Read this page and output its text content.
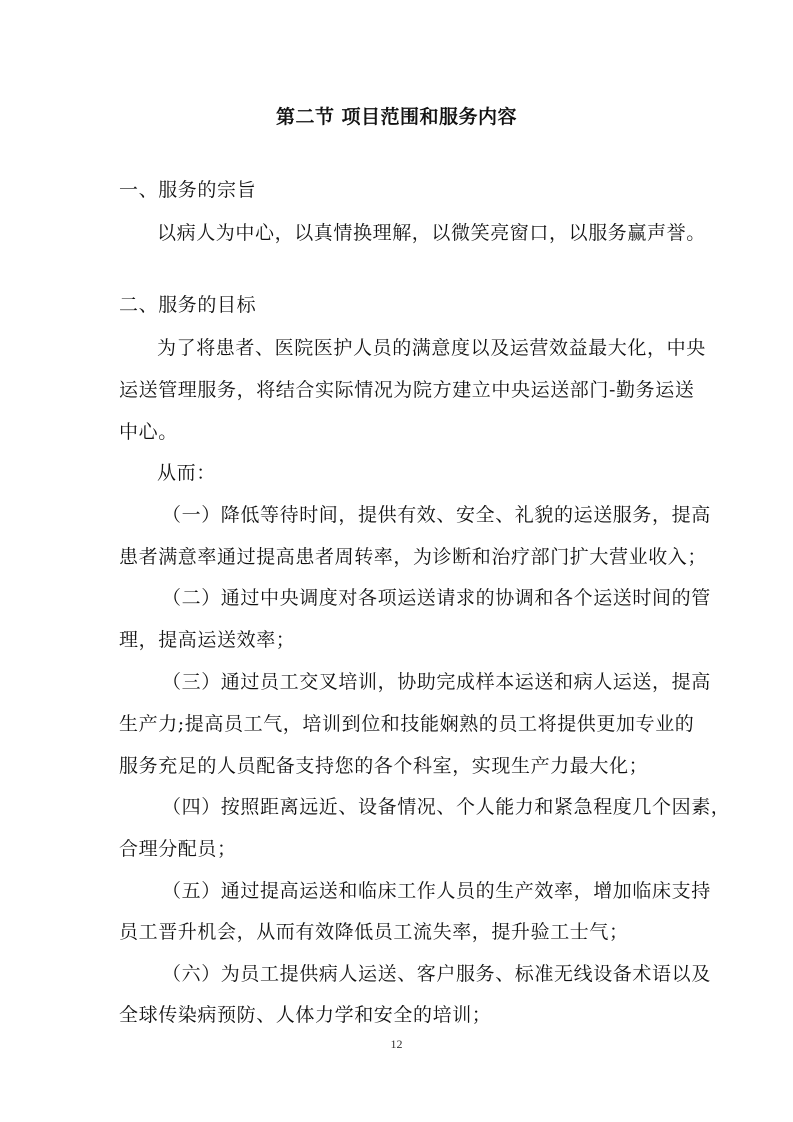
第二节 项目范围和服务内容
一、服务的宗旨
以病人为中心，以真情换理解，以微笑亮窗口，以服务赢声誉。
二、服务的目标
为了将患者、医院医护人员的满意度以及运营效益最大化，中央
运送管理服务，将结合实际情况为院方建立中央运送部门-勤务运送
中心。
从而：
（一）降低等待时间，提供有效、安全、礼貌的运送服务，提高
患者满意率通过提高患者周转率，为诊断和治疗部门扩大营业收入；
（二）通过中央调度对各项运送请求的协调和各个运送时间的管
理，提高运送效率；
（三）通过员工交叉培训，协助完成样本运送和病人运送，提高
生产力;提高员工气，培训到位和技能娴熟的员工将提供更加专业的
服务充足的人员配备支持您的各个科室，实现生产力最大化；
（四）按照距离远近、设备情况、个人能力和紧急程度几个因素，
合理分配员；
（五）通过提高运送和临床工作人员的生产效率，增加临床支持
员工晋升机会，从而有效降低员工流失率，提升验工士气；
（六）为员工提供病人运送、客户服务、标准无线设备术语以及
全球传染病预防、人体力学和安全的培训；
12
